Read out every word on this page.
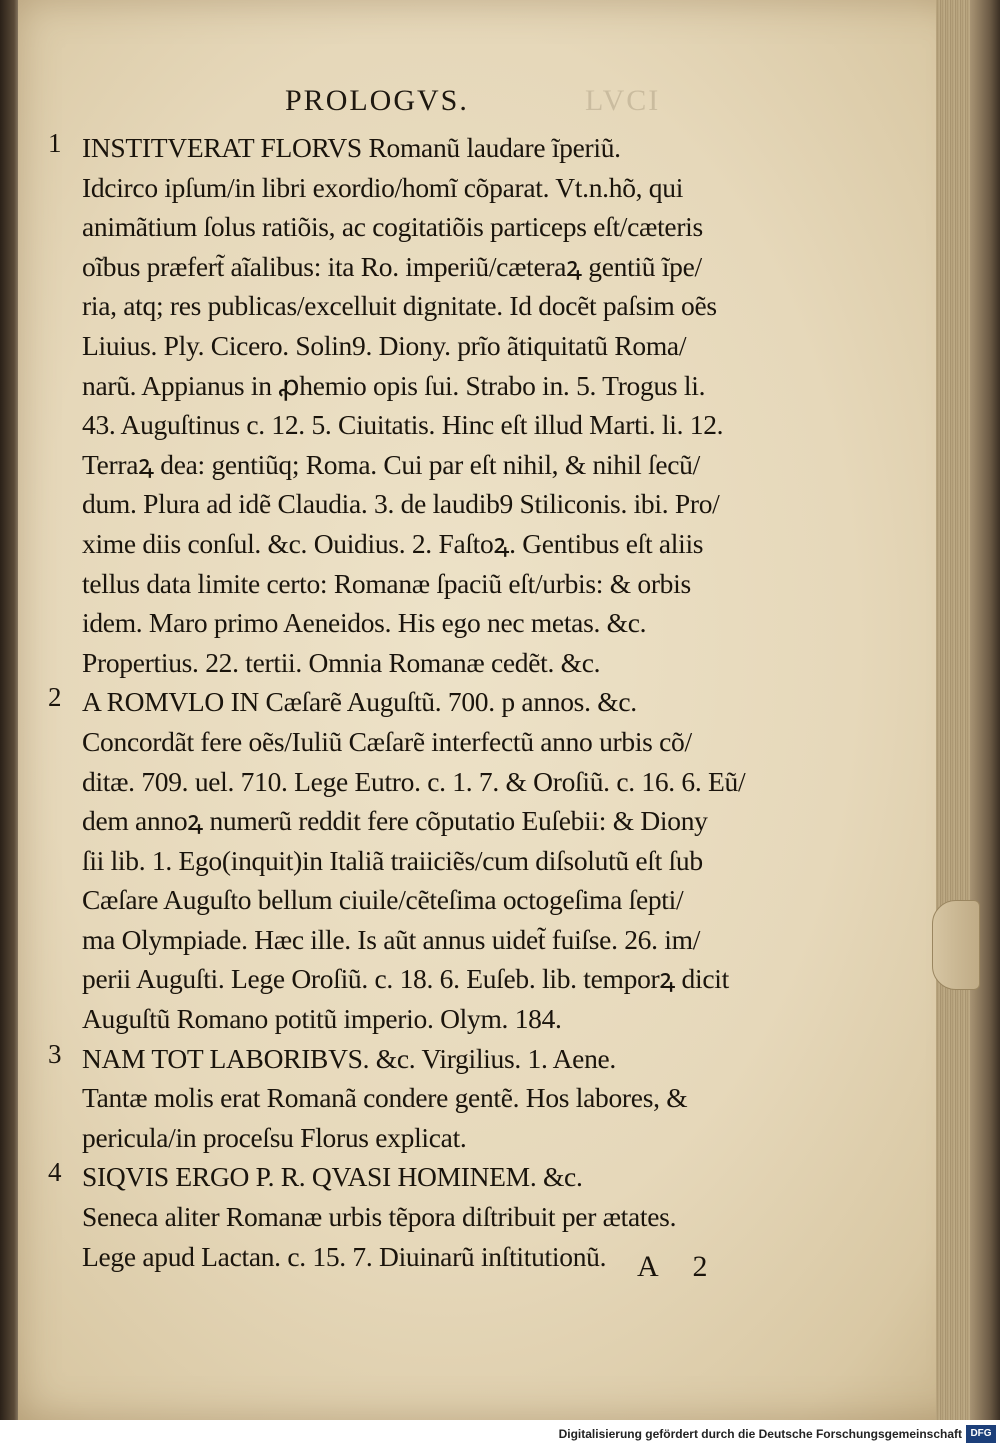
PROLOGVS.	LVCI
1
2
3
4
INSTITVERAT FLORVS Romanũ laudare ĩperiũ.
Idcirco ipſum/in libri exordio/homĩ cõparat. Vt.n.hõ, qui
animãtium ſolus ratiõis, ac cogitatiõis particeps eſt/cæteris
oĩbus præfert̃ aĩalibus: ita Ro. imperiũ/cæteraꝝ gentiũ ĩpe/
ria, atq; res publicas/excelluit dignitate. Id docẽt paſsim oẽs
Liuius. Ply. Cicero. Solin9. Diony. prĩo ãtiquitatũ Roma/
narũ. Appianus in ꝓhemio opis ſui. Strabo in. 5. Trogus li.
43. Auguſtinus c. 12. 5. Ciuitatis. Hinc eſt illud Marti. li. 12.
Terraꝝ dea: gentiũq; Roma. Cui par eſt nihil, & nihil ſecũ/
dum. Plura ad idẽ Claudia. 3. de laudib9 Stiliconis. ibi. Pro/
xime diis conſul. &c. Ouidius. 2. Faſtoꝝ. Gentibus eſt aliis
tellus data limite certo: Romanæ ſpaciũ eſt/urbis: & orbis
idem. Maro primo Aeneidos. His ego nec metas. &c.
Propertius. 22. tertii. Omnia Romanæ cedẽt. &c.
A ROMVLO IN Cæſarẽ Auguſtũ. 700. p annos. &c.
Concordãt fere oẽs/Iuliũ Cæſarẽ interfectũ anno urbis cõ/
ditæ. 709. uel. 710. Lege Eutro. c. 1. 7. & Oroſiũ. c. 16. 6. Eũ/
dem annoꝝ numerũ reddit fere cõputatio Euſebii: & Diony
ſii lib. 1. Ego(inquit)in Italiã traiiciẽs/cum diſsolutũ eſt ſub
Cæſare Auguſto bellum ciuile/cẽteſima octogeſima ſepti/
ma Olympiade. Hæc ille. Is aũt annus uidet̃ fuiſse. 26. im/
perii Auguſti. Lege Oroſiũ. c. 18. 6. Euſeb. lib. temporꝝ dicit
Auguſtũ Romano potitũ imperio. Olym. 184.
NAM TOT LABORIBVS. &c. Virgilius. 1. Aene.
Tantæ molis erat Romanã condere gentẽ. Hos labores, &
pericula/in proceſsu Florus explicat.
SIQVIS ERGO P. R. QVASI HOMINEM. &c.
Seneca aliter Romanæ urbis tẽpora diſtribuit per ætates.
Lege apud Lactan. c. 15. 7. Diuinarũ inſtitutionũ.	A 2
Digitalisierung gefördert durch die Deutsche Forschungsgemeinschaft DFG
